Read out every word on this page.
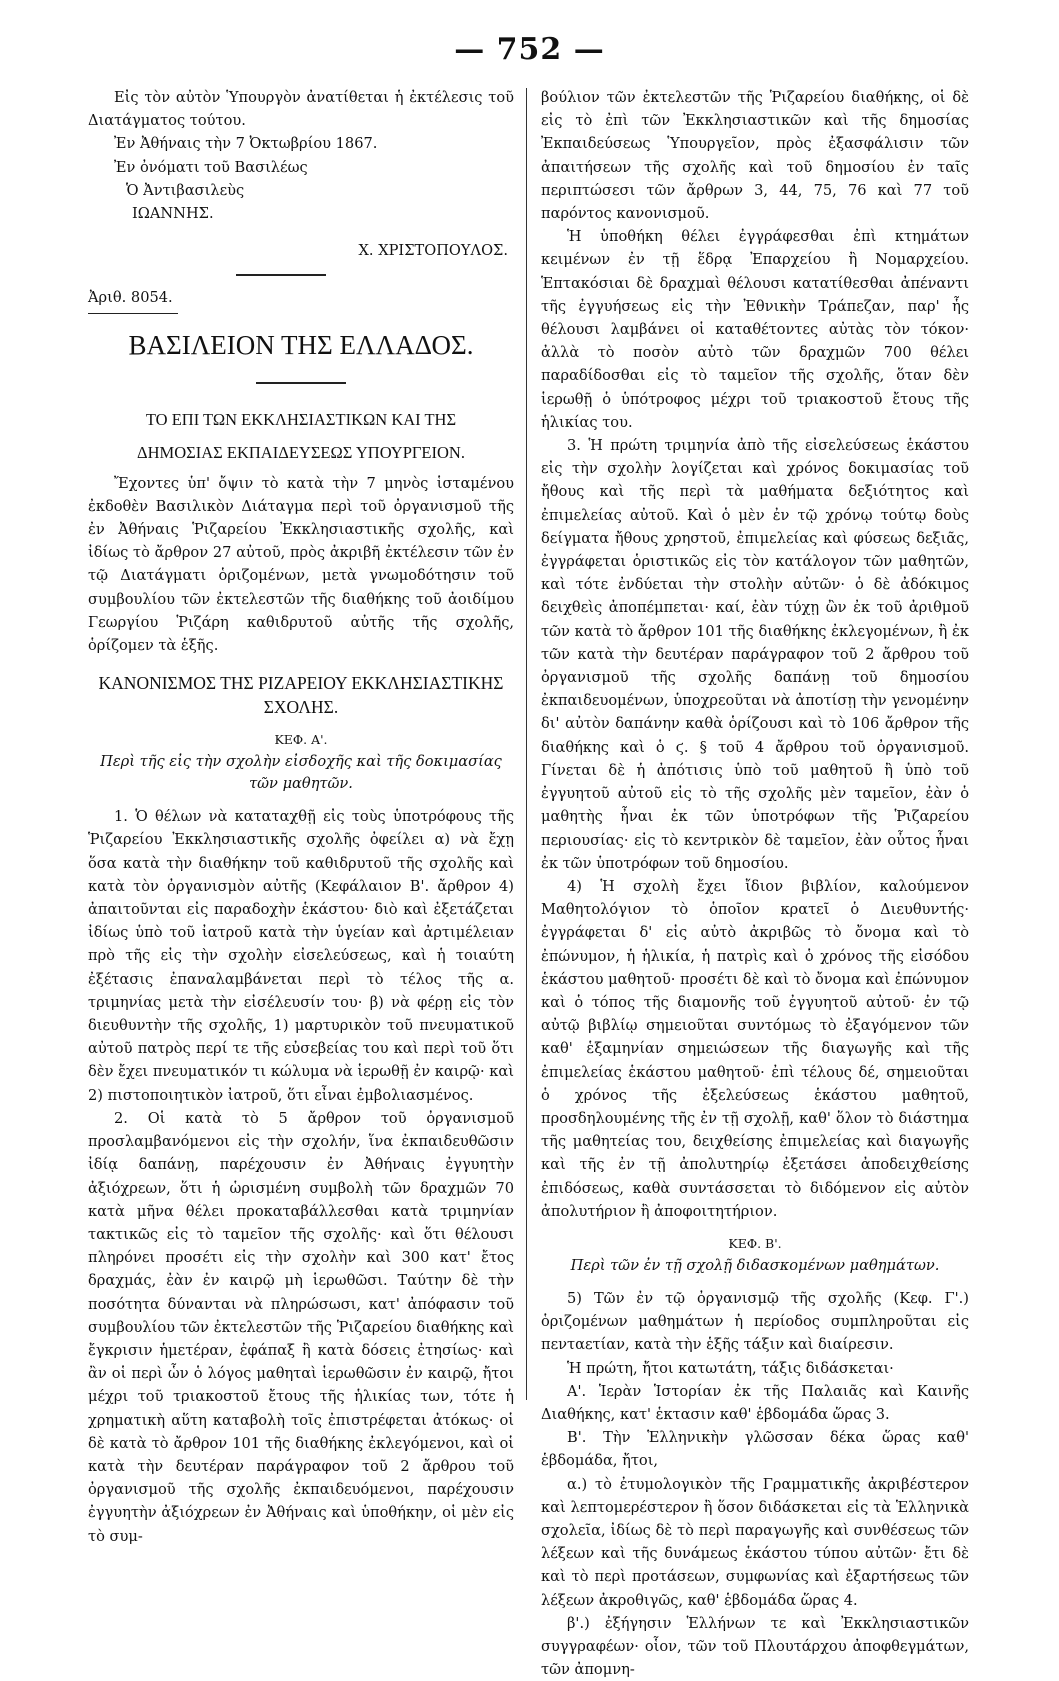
— 752 —

Εἰς τὸν αὐτὸν Ὑπουργὸν ἀνατίθεται ἡ ἐκτέλεσις τοῦ Διατάγματος τούτου.

Ἐν Ἀθήναις τὴν 7 Ὀκτωβρίου 1867.

Ἐν ὀνόματι τοῦ Βασιλέως

Ὁ Ἀντιβασιλεὺς

ΙΩΑΝΝΗΣ.

Χ. ΧΡΙΣΤΟΠΟΥΛΟΣ.

Ἀριθ. 8054.

ΒΑΣΙΛΕΙΟΝ ΤΗΣ ΕΛΛΑΔΟΣ.

ΤΟ ΕΠΙ ΤΩΝ ΕΚΚΛΗΣΙΑΣΤΙΚΩΝ ΚΑΙ ΤΗΣ

ΔΗΜΟΣΙΑΣ ΕΚΠΑΙΔΕΥΣΕΩΣ ΥΠΟΥΡΓΕΙΟΝ.

Ἔχοντες ὑπ' ὄψιν τὸ κατὰ τὴν 7 μηνὸς ἱσταμένου ἐκδοθὲν Βασιλικὸν Διάταγμα περὶ τοῦ ὀργανισμοῦ τῆς ἐν Ἀθήναις Ῥιζαρείου Ἐκκλησιαστικῆς σχολῆς, καὶ ἰδίως τὸ ἄρθρον 27 αὐτοῦ, πρὸς ἀκριβῆ ἐκτέλεσιν τῶν ἐν τῷ Διατάγματι ὁριζομένων, μετὰ γνωμοδότησιν τοῦ συμβουλίου τῶν ἐκτελεστῶν τῆς διαθήκης τοῦ ἀοιδίμου Γεωργίου Ῥιζάρη καθιδρυτοῦ αὐτῆς τῆς σχολῆς, ὁρίζομεν τὰ ἑξῆς.

ΚΑΝΟΝΙΣΜΟΣ ΤΗΣ ΡΙΖΑΡΕΙΟΥ ΕΚΚΛΗΣΙΑΣΤΙΚΗΣ ΣΧΟΛΗΣ.

ΚΕΦ. Α'.

Περὶ τῆς εἰς τὴν σχολὴν εἰσδοχῆς καὶ τῆς δοκιμασίας τῶν μαθητῶν.

1. Ὁ θέλων νὰ καταταχθῇ εἰς τοὺς ὑποτρόφους τῆς Ῥιζαρείου Ἐκκλησιαστικῆς σχολῆς ὀφείλει α) νὰ ἔχῃ ὅσα κατὰ τὴν διαθήκην τοῦ καθιδρυτοῦ τῆς σχολῆς καὶ κατὰ τὸν ὀργανισμὸν αὐτῆς (Κεφάλαιον Β'. ἄρθρον 4) ἀπαιτοῦνται εἰς παραδοχὴν ἑκάστου· διὸ καὶ ἐξετάζεται ἰδίως ὑπὸ τοῦ ἰατροῦ κατὰ τὴν ὑγείαν καὶ ἀρτιμέλειαν πρὸ τῆς εἰς τὴν σχολὴν εἰσελεύσεως, καὶ ἡ τοιαύτη ἐξέτασις ἐπαναλαμβάνεται περὶ τὸ τέλος τῆς α. τριμηνίας μετὰ τὴν εἰσέλευσίν του· β) νὰ φέρῃ εἰς τὸν διευθυντὴν τῆς σχολῆς, 1) μαρτυρικὸν τοῦ πνευματικοῦ αὐτοῦ πατρὸς περί τε τῆς εὐσεβείας του καὶ περὶ τοῦ ὅτι δὲν ἔχει πνευματικόν τι κώλυμα νὰ ἱερωθῇ ἐν καιρῷ· καὶ 2) πιστοποιητικὸν ἰατροῦ, ὅτι εἶναι ἐμβολιασμένος.

2. Οἱ κατὰ τὸ 5 ἄρθρον τοῦ ὀργανισμοῦ προσλαμβανόμενοι εἰς τὴν σχολήν, ἵνα ἐκπαιδευθῶσιν ἰδίᾳ δαπάνῃ, παρέχουσιν ἐν Ἀθήναις ἐγγυητὴν ἀξιόχρεων, ὅτι ἡ ὡρισμένη συμβολὴ τῶν δραχμῶν 70 κατὰ μῆνα θέλει προκαταβάλλεσθαι κατὰ τριμηνίαν τακτικῶς εἰς τὸ ταμεῖον τῆς σχολῆς· καὶ ὅτι θέλουσι πληρόνει προσέτι εἰς τὴν σχολὴν καὶ 300 κατ' ἔτος δραχμάς, ἐὰν ἐν καιρῷ μὴ ἱερωθῶσι. Ταύτην δὲ τὴν ποσότητα δύνανται νὰ πληρώσωσι, κατ' ἀπόφασιν τοῦ συμβουλίου τῶν ἐκτελεστῶν τῆς Ῥιζαρείου διαθήκης καὶ ἔγκρισιν ἡμετέραν, ἐφάπαξ ἢ κατὰ δόσεις ἐτησίως· καὶ ἂν οἱ περὶ ὧν ὁ λόγος μαθηταὶ ἱερωθῶσιν ἐν καιρῷ, ἤτοι μέχρι τοῦ τριακοστοῦ ἔτους τῆς ἡλικίας των, τότε ἡ χρηματικὴ αὕτη καταβολὴ τοῖς ἐπιστρέφεται ἀτόκως· οἱ δὲ κατὰ τὸ ἄρθρον 101 τῆς διαθήκης ἐκλεγόμενοι, καὶ οἱ κατὰ τὴν δευτέραν παράγραφον τοῦ 2 ἄρθρου τοῦ ὀργανισμοῦ τῆς σχολῆς ἐκπαιδευόμενοι, παρέχουσιν ἐγγυητὴν ἀξιόχρεων ἐν Ἀθήναις καὶ ὑποθήκην, οἱ μὲν εἰς τὸ συμ-

βούλιον τῶν ἐκτελεστῶν τῆς Ῥιζαρείου διαθήκης, οἱ δὲ εἰς τὸ ἐπὶ τῶν Ἐκκλησιαστικῶν καὶ τῆς δημοσίας Ἐκπαιδεύσεως Ὑπουργεῖον, πρὸς ἐξασφάλισιν τῶν ἀπαιτήσεων τῆς σχολῆς καὶ τοῦ δημοσίου ἐν ταῖς περιπτώσεσι τῶν ἄρθρων 3, 44, 75, 76 καὶ 77 τοῦ παρόντος κανονισμοῦ.

Ἡ ὑποθήκη θέλει ἐγγράφεσθαι ἐπὶ κτημάτων κειμένων ἐν τῇ ἕδρᾳ Ἐπαρχείου ἢ Νομαρχείου. Ἑπτακόσιαι δὲ δραχμαὶ θέλουσι κατατίθεσθαι ἀπέναντι τῆς ἐγγυήσεως εἰς τὴν Ἐθνικὴν Τράπεζαν, παρ' ἧς θέλουσι λαμβάνει οἱ καταθέτοντες αὐτὰς τὸν τόκον· ἀλλὰ τὸ ποσὸν αὐτὸ τῶν δραχμῶν 700 θέλει παραδίδοσθαι εἰς τὸ ταμεῖον τῆς σχολῆς, ὅταν δὲν ἱερωθῇ ὁ ὑπότροφος μέχρι τοῦ τριακοστοῦ ἔτους τῆς ἡλικίας του.

3. Ἡ πρώτη τριμηνία ἀπὸ τῆς εἰσελεύσεως ἑκάστου εἰς τὴν σχολὴν λογίζεται καὶ χρόνος δοκιμασίας τοῦ ἤθους καὶ τῆς περὶ τὰ μαθήματα δεξιότητος καὶ ἐπιμελείας αὐτοῦ. Καὶ ὁ μὲν ἐν τῷ χρόνῳ τούτῳ δοὺς δείγματα ἤθους χρηστοῦ, ἐπιμελείας καὶ φύσεως δεξιᾶς, ἐγγράφεται ὁριστικῶς εἰς τὸν κατάλογον τῶν μαθητῶν, καὶ τότε ἐνδύεται τὴν στολὴν αὐτῶν· ὁ δὲ ἀδόκιμος δειχθεὶς ἀποπέμπεται· καί, ἐὰν τύχῃ ὢν ἐκ τοῦ ἀριθμοῦ τῶν κατὰ τὸ ἄρθρον 101 τῆς διαθήκης ἐκλεγομένων, ἢ ἐκ τῶν κατὰ τὴν δευτέραν παράγραφον τοῦ 2 ἄρθρου τοῦ ὀργανισμοῦ τῆς σχολῆς δαπάνῃ τοῦ δημοσίου ἐκπαιδευομένων, ὑποχρεοῦται νὰ ἀποτίσῃ τὴν γενομένην δι' αὐτὸν δαπάνην καθὰ ὁρίζουσι καὶ τὸ 106 ἄρθρον τῆς διαθήκης καὶ ὁ ϛ. § τοῦ 4 ἄρθρου τοῦ ὀργανισμοῦ. Γίνεται δὲ ἡ ἀπότισις ὑπὸ τοῦ μαθητοῦ ἢ ὑπὸ τοῦ ἐγγυητοῦ αὐτοῦ εἰς τὸ τῆς σχολῆς μὲν ταμεῖον, ἐὰν ὁ μαθητὴς ἦναι ἐκ τῶν ὑποτρόφων τῆς Ῥιζαρείου περιουσίας· εἰς τὸ κεντρικὸν δὲ ταμεῖον, ἐὰν οὗτος ἦναι ἐκ τῶν ὑποτρόφων τοῦ δημοσίου.

4) Ἡ σχολὴ ἔχει ἴδιον βιβλίον, καλούμενον Μαθητολόγιον τὸ ὁποῖον κρατεῖ ὁ Διευθυντής· ἐγγράφεται δ' εἰς αὐτὸ ἀκριβῶς τὸ ὄνομα καὶ τὸ ἐπώνυμον, ἡ ἡλικία, ἡ πατρὶς καὶ ὁ χρόνος τῆς εἰσόδου ἑκάστου μαθητοῦ· προσέτι δὲ καὶ τὸ ὄνομα καὶ ἐπώνυμον καὶ ὁ τόπος τῆς διαμονῆς τοῦ ἐγγυητοῦ αὐτοῦ· ἐν τῷ αὐτῷ βιβλίῳ σημειοῦται συντόμως τὸ ἐξαγόμενον τῶν καθ' ἑξαμηνίαν σημειώσεων τῆς διαγωγῆς καὶ τῆς ἐπιμελείας ἑκάστου μαθητοῦ· ἐπὶ τέλους δέ, σημειοῦται ὁ χρόνος τῆς ἐξελεύσεως ἑκάστου μαθητοῦ, προσδηλουμένης τῆς ἐν τῇ σχολῇ, καθ' ὅλον τὸ διάστημα τῆς μαθητείας του, δειχθείσης ἐπιμελείας καὶ διαγωγῆς καὶ τῆς ἐν τῇ ἀπολυτηρίῳ ἐξετάσει ἀποδειχθείσης ἐπιδόσεως, καθὰ συντάσσεται τὸ διδόμενον εἰς αὐτὸν ἀπολυτήριον ἢ ἀποφοιτητήριον.

ΚΕΦ. Β'.

Περὶ τῶν ἐν τῇ σχολῇ διδασκομένων μαθημάτων.

5) Τῶν ἐν τῷ ὀργανισμῷ τῆς σχολῆς (Κεφ. Γ'.) ὁριζομένων μαθημάτων ἡ περίοδος συμπληροῦται εἰς πενταετίαν, κατὰ τὴν ἑξῆς τάξιν καὶ διαίρεσιν.

Ἡ πρώτη, ἤτοι κατωτάτη, τάξις διδάσκεται·

Α'. Ἱερὰν Ἱστορίαν ἐκ τῆς Παλαιᾶς καὶ Καινῆς Διαθήκης, κατ' ἑκτασιν καθ' ἑβδομάδα ὥρας 3.

Β'. Τὴν Ἑλληνικὴν γλῶσσαν δέκα ὥρας καθ' ἑβδομάδα, ἤτοι,

α.) τὸ ἐτυμολογικὸν τῆς Γραμματικῆς ἀκριβέστερον καὶ λεπτομερέστερον ἢ ὅσον διδάσκεται εἰς τὰ Ἑλληνικὰ σχολεῖα, ἰδίως δὲ τὸ περὶ παραγωγῆς καὶ συνθέσεως τῶν λέξεων καὶ τῆς δυνάμεως ἑκάστου τύπου αὐτῶν· ἔτι δὲ καὶ τὸ περὶ προτάσεων, συμφωνίας καὶ ἐξαρτήσεως τῶν λέξεων ἀκροθιγῶς, καθ' ἑβδομάδα ὥρας 4.

β'.) ἐξήγησιν Ἑλλήνων τε καὶ Ἐκκλησιαστικῶν συγγραφέων· οἷον, τῶν τοῦ Πλουτάρχου ἀποφθεγμάτων, τῶν ἀπομνη-
